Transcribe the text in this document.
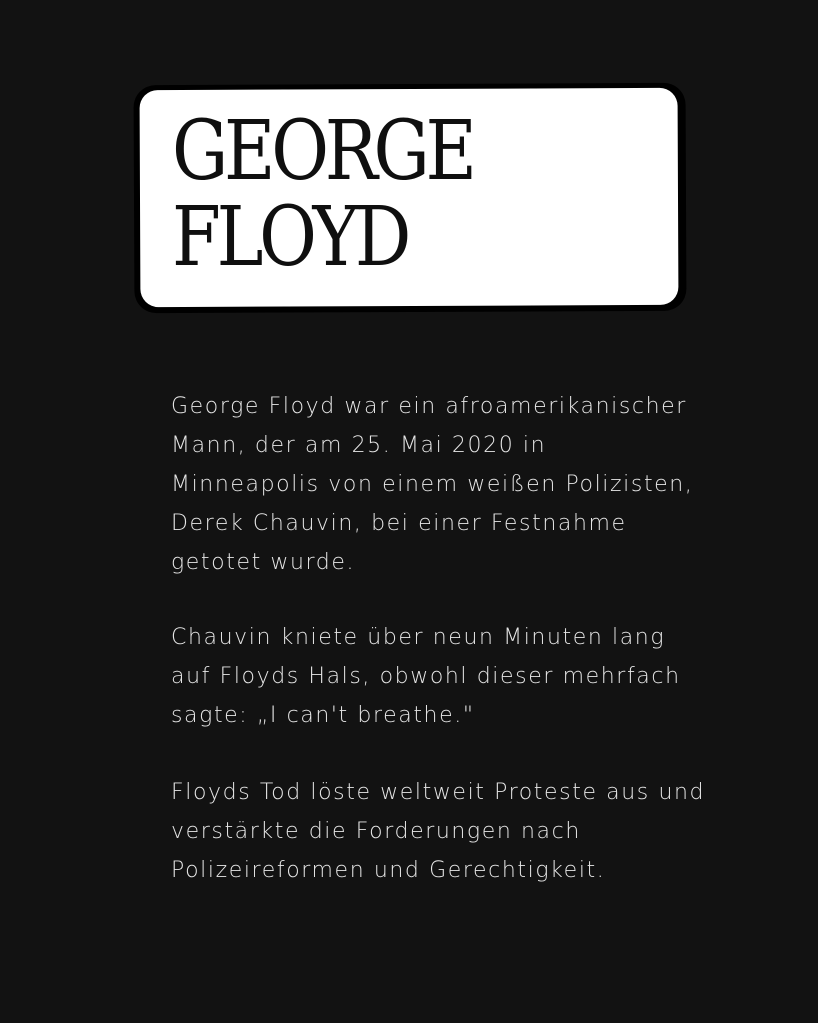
GEORGE
FLOYD

George Floyd war ein afroamerikanischer
Mann, der am 25. Mai 2020 in
Minneapolis von einem weißen Polizisten,
Derek Chauvin, bei einer Festnahme
getotet wurde.

Chauvin kniete über neun Minuten lang
auf Floyds Hals, obwohl dieser mehrfach
sagte: „I can't breathe."

Floyds Tod löste weltweit Proteste aus und
verstärkte die Forderungen nach
Polizeireformen und Gerechtigkeit.
